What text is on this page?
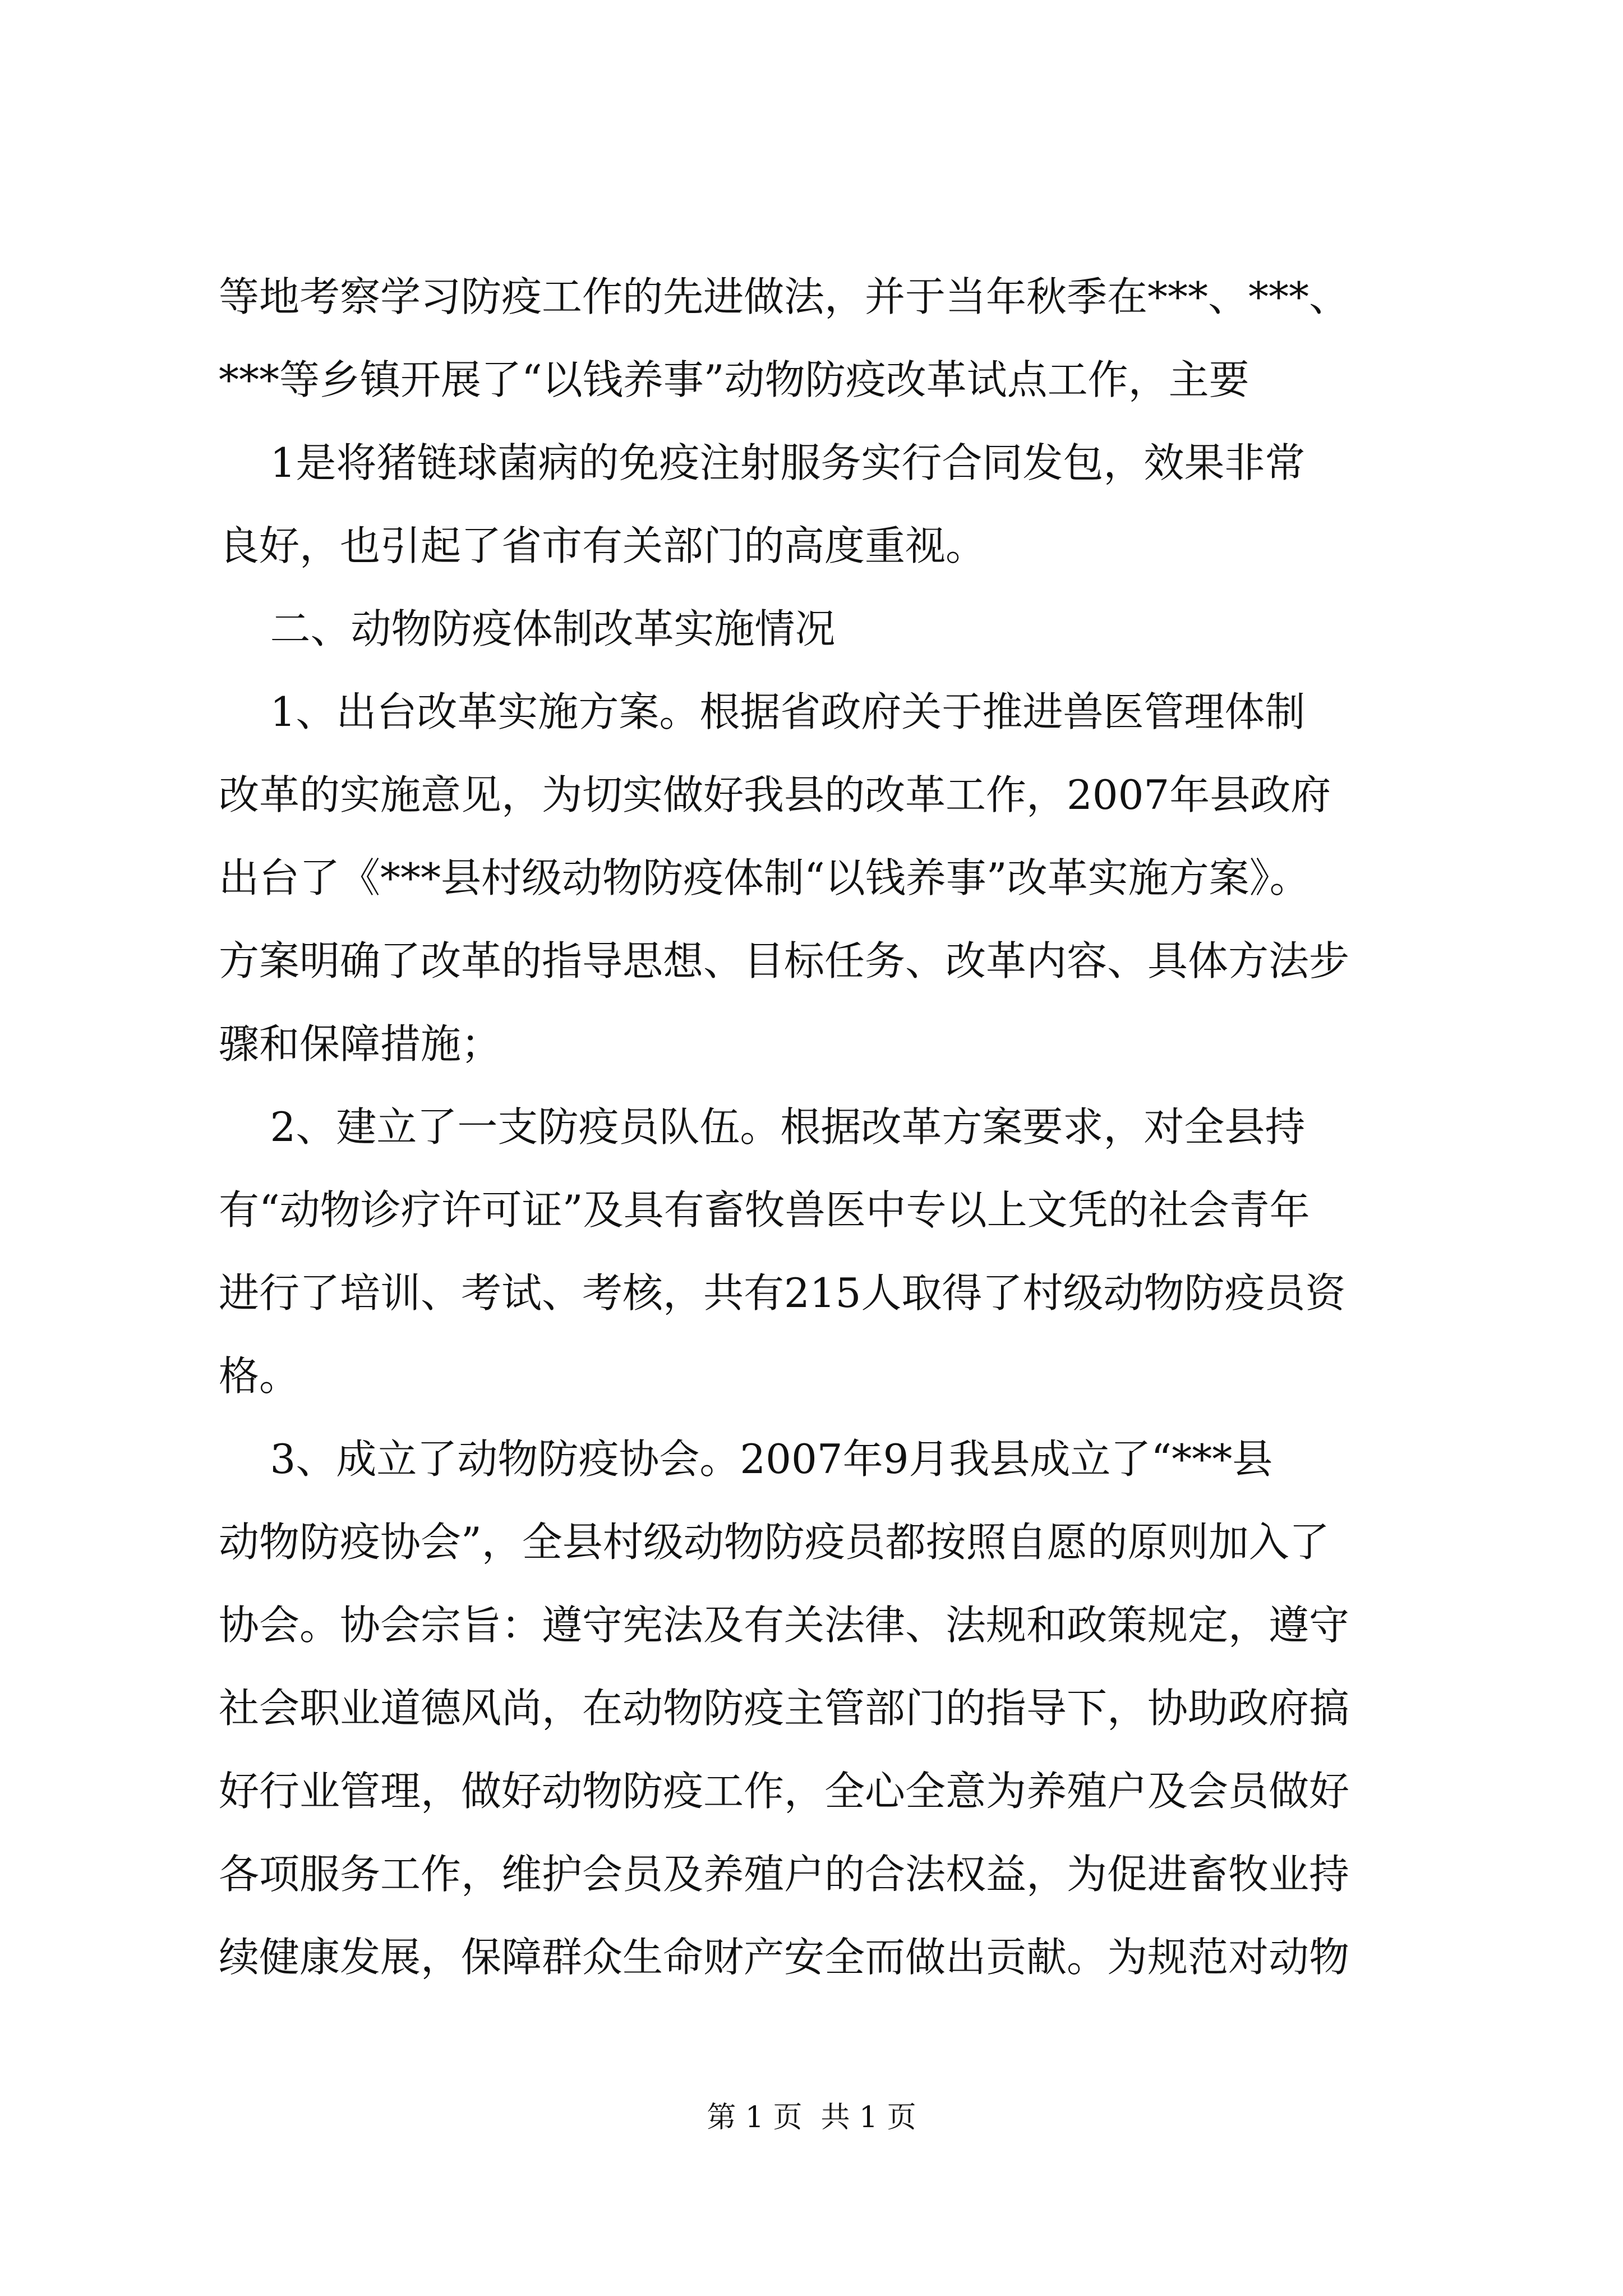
等地考察学习防疫工作的先进做法，并于当年秋季在***、***、
***等乡镇开展了“以钱养事”动物防疫改革试点工作，主要
1是将猪链球菌病的免疫注射服务实行合同发包，效果非常
良好，也引起了省市有关部门的高度重视。
二、动物防疫体制改革实施情况
1、出台改革实施方案。根据省政府关于推进兽医管理体制
改革的实施意见，为切实做好我县的改革工作，2007年县政府
出台了《***县村级动物防疫体制“以钱养事”改革实施方案》。
方案明确了改革的指导思想、目标任务、改革内容、具体方法步
骤和保障措施；
2、建立了一支防疫员队伍。根据改革方案要求，对全县持
有“动物诊疗许可证”及具有畜牧兽医中专以上文凭的社会青年
进行了培训、考试、考核，共有215人取得了村级动物防疫员资
格。
3、成立了动物防疫协会。2007年9月我县成立了“***县
动物防疫协会”，全县村级动物防疫员都按照自愿的原则加入了
协会。协会宗旨：遵守宪法及有关法律、法规和政策规定，遵守
社会职业道德风尚，在动物防疫主管部门的指导下，协助政府搞
好行业管理，做好动物防疫工作，全心全意为养殖户及会员做好
各项服务工作，维护会员及养殖户的合法权益，为促进畜牧业持
续健康发展，保障群众生命财产安全而做出贡献。为规范对动物
第 1 页  共 1 页
